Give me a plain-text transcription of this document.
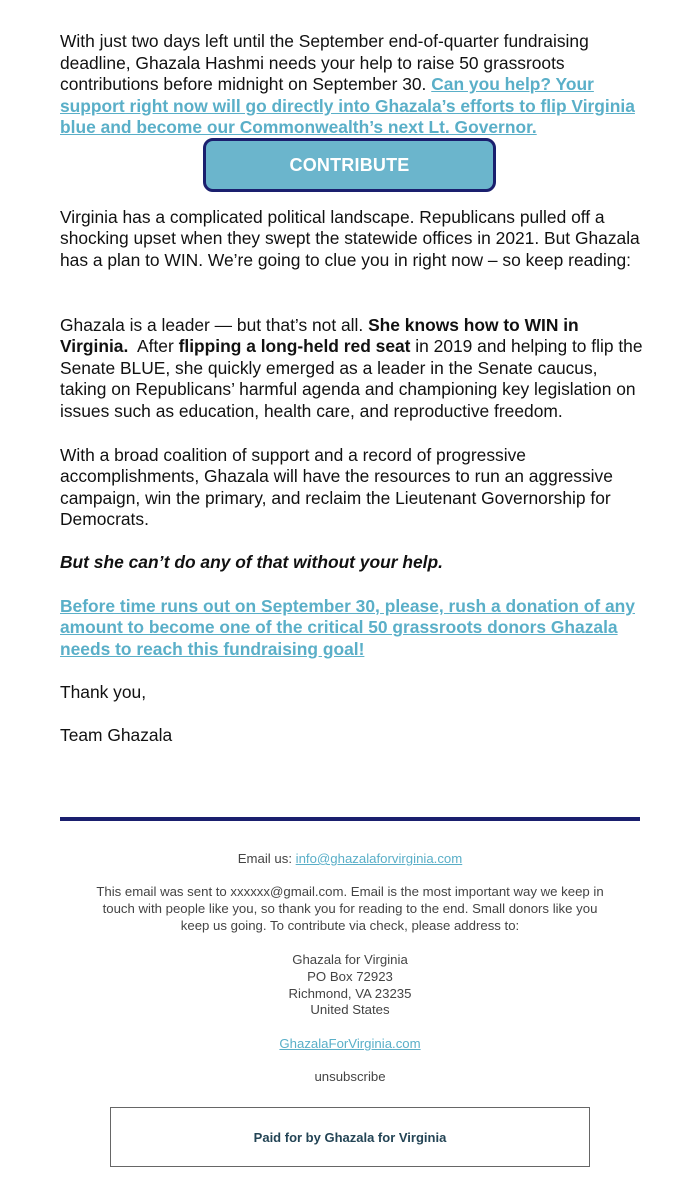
With just two days left until the September end-of-quarter fundraising deadline, Ghazala Hashmi needs your help to raise 50 grassroots contributions before midnight on September 30. Can you help? Your support right now will go directly into Ghazala’s efforts to flip Virginia blue and become our Commonwealth’s next Lt. Governor.

CONTRIBUTE

Virginia has a complicated political landscape. Republicans pulled off a shocking upset when they swept the statewide offices in 2021. But Ghazala has a plan to WIN. We’re going to clue you in right now – so keep reading:

Ghazala is a leader — but that’s not all. She knows how to WIN in Virginia.  After flipping a long-held red seat in 2019 and helping to flip the Senate BLUE, she quickly emerged as a leader in the Senate caucus, taking on Republicans’ harmful agenda and championing key legislation on issues such as education, health care, and reproductive freedom.

With a broad coalition of support and a record of progressive accomplishments, Ghazala will have the resources to run an aggressive campaign, win the primary, and reclaim the Lieutenant Governorship for Democrats.

But she can’t do any of that without your help.

Before time runs out on September 30, please, rush a donation of any amount to become one of the critical 50 grassroots donors Ghazala needs to reach this fundraising goal!

Thank you,

Team Ghazala

Email us: info@ghazalaforvirginia.com
This email was sent to xxxxxx@gmail.com. Email is the most important way we keep in touch with people like you, so thank you for reading to the end. Small donors like you keep us going. To contribute via check, please address to:
Ghazala for Virginia
PO Box 72923
Richmond, VA 23235
United States
GhazalaForVirginia.com
unsubscribe
Paid for by Ghazala for Virginia
